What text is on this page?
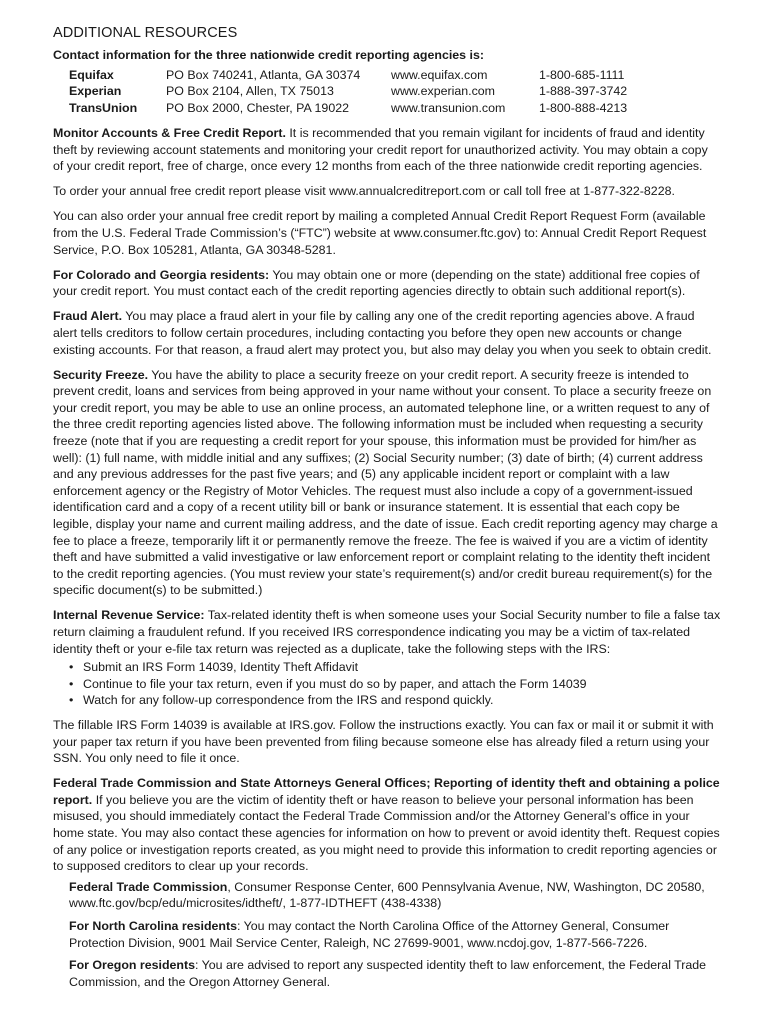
ADDITIONAL RESOURCES

Contact information for the three nationwide credit reporting agencies is:

Equifax	PO Box 740241, Atlanta, GA 30374	www.equifax.com	1-800-685-1111
Experian	PO Box 2104, Allen, TX 75013	www.experian.com	1-888-397-3742
TransUnion	PO Box 2000, Chester, PA 19022	www.transunion.com	1-800-888-4213

Monitor Accounts & Free Credit Report. It is recommended that you remain vigilant for incidents of fraud and identity theft by reviewing account statements and monitoring your credit report for unauthorized activity. You may obtain a copy of your credit report, free of charge, once every 12 months from each of the three nationwide credit reporting agencies.

To order your annual free credit report please visit www.annualcreditreport.com or call toll free at 1-877-322-8228.

You can also order your annual free credit report by mailing a completed Annual Credit Report Request Form (available from the U.S. Federal Trade Commission’s (“FTC”) website at www.consumer.ftc.gov) to: Annual Credit Report Request Service, P.O. Box 105281, Atlanta, GA 30348-5281.

For Colorado and Georgia residents: You may obtain one or more (depending on the state) additional free copies of your credit report. You must contact each of the credit reporting agencies directly to obtain such additional report(s).

Fraud Alert. You may place a fraud alert in your file by calling any one of the credit reporting agencies above. A fraud alert tells creditors to follow certain procedures, including contacting you before they open new accounts or change existing accounts. For that reason, a fraud alert may protect you, but also may delay you when you seek to obtain credit.

Security Freeze. You have the ability to place a security freeze on your credit report. A security freeze is intended to prevent credit, loans and services from being approved in your name without your consent. To place a security freeze on your credit report, you may be able to use an online process, an automated telephone line, or a written request to any of the three credit reporting agencies listed above. The following information must be included when requesting a security freeze (note that if you are requesting a credit report for your spouse, this information must be provided for him/her as well): (1) full name, with middle initial and any suffixes; (2) Social Security number; (3) date of birth; (4) current address and any previous addresses for the past five years; and (5) any applicable incident report or complaint with a law enforcement agency or the Registry of Motor Vehicles. The request must also include a copy of a government-issued identification card and a copy of a recent utility bill or bank or insurance statement. It is essential that each copy be legible, display your name and current mailing address, and the date of issue. Each credit reporting agency may charge a fee to place a freeze, temporarily lift it or permanently remove the freeze. The fee is waived if you are a victim of identity theft and have submitted a valid investigative or law enforcement report or complaint relating to the identity theft incident to the credit reporting agencies. (You must review your state’s requirement(s) and/or credit bureau requirement(s) for the specific document(s) to be submitted.)

Internal Revenue Service: Tax-related identity theft is when someone uses your Social Security number to file a false tax return claiming a fraudulent refund. If you received IRS correspondence indicating you may be a victim of tax-related identity theft or your e-file tax return was rejected as a duplicate, take the following steps with the IRS:

• Submit an IRS Form 14039, Identity Theft Affidavit
• Continue to file your tax return, even if you must do so by paper, and attach the Form 14039
• Watch for any follow-up correspondence from the IRS and respond quickly.

The fillable IRS Form 14039 is available at IRS.gov. Follow the instructions exactly. You can fax or mail it or submit it with your paper tax return if you have been prevented from filing because someone else has already filed a return using your SSN. You only need to file it once.

Federal Trade Commission and State Attorneys General Offices; Reporting of identity theft and obtaining a police report. If you believe you are the victim of identity theft or have reason to believe your personal information has been misused, you should immediately contact the Federal Trade Commission and/or the Attorney General’s office in your home state. You may also contact these agencies for information on how to prevent or avoid identity theft. Request copies of any police or investigation reports created, as you might need to provide this information to credit reporting agencies or to supposed creditors to clear up your records.

Federal Trade Commission, Consumer Response Center, 600 Pennsylvania Avenue, NW, Washington, DC 20580, www.ftc.gov/bcp/edu/microsites/idtheft/, 1-877-IDTHEFT (438-4338)

For North Carolina residents: You may contact the North Carolina Office of the Attorney General, Consumer Protection Division, 9001 Mail Service Center, Raleigh, NC 27699-9001, www.ncdoj.gov, 1-877-566-7226.

For Oregon residents: You are advised to report any suspected identity theft to law enforcement, the Federal Trade Commission, and the Oregon Attorney General.
